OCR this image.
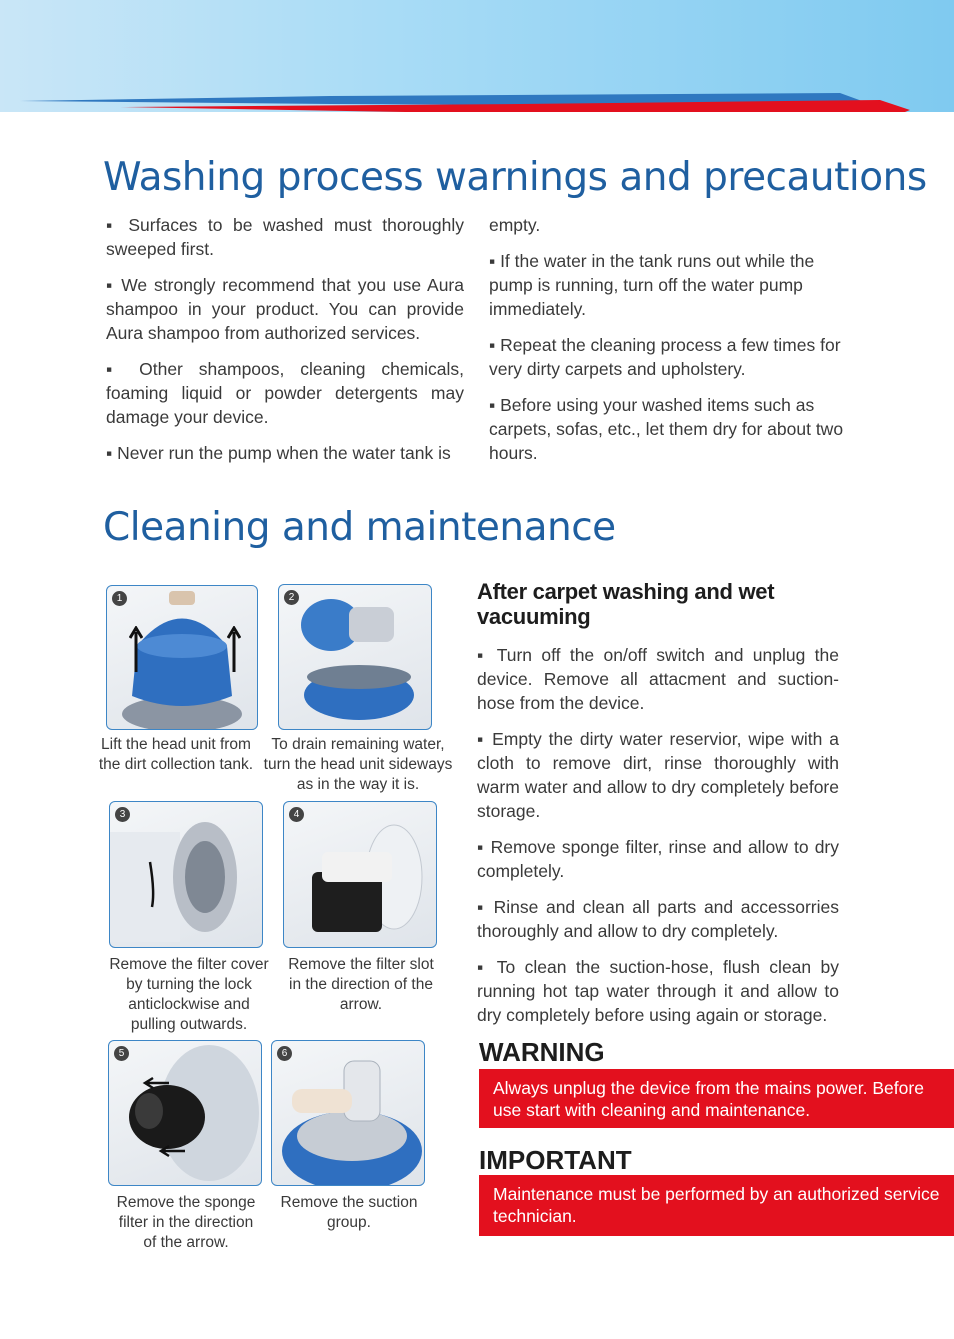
Washing process warnings and precautions

▪ Surfaces to be washed must thoroughly sweeped first.

▪ We strongly recommend that you use Aura shampoo in your product. You can provide Aura shampoo from authorized services.

▪ Other shampoos, cleaning chemicals, foaming liquid or powder detergents may damage your device.

▪ Never run the pump when the water tank is

empty.

▪ If the water in the tank runs out while the pump is running, turn off the water pump immediately.

▪ Repeat the cleaning process a few times for very dirty carpets and upholstery.

▪ Before using your washed items such as carpets, sofas, etc., let them dry for about two hours.

Cleaning and maintenance
1
Lift the head unit from the dirt collection tank.
2
To drain remaining water, turn the head unit sideways as in the way it is.
3
Remove the filter cover by turning the lock anticlockwise and pulling outwards.
4
Remove the filter slot in the direction of the arrow.
5
Remove the sponge filter in the direction of the arrow.
6
Remove the suction group.
After carpet washing and wet vacuuming

▪ Turn off the on/off switch and unplug the device. Remove all attacment and suction-hose from the device.

▪ Empty the dirty water reservior, wipe with a cloth to remove dirt, rinse thoroughly with warm water and allow to dry completely before storage.

▪ Remove sponge filter, rinse and allow to dry completely.

▪ Rinse and clean all parts and accessorries thoroughly and allow to dry completely.

▪ To clean the suction-hose, flush clean by running hot tap water through it and allow to dry completely before using again or storage.

WARNING
Always unplug the device from the mains power. Before use start with cleaning and maintenance.
IMPORTANT
Maintenance must be performed by an authorized service technician.
